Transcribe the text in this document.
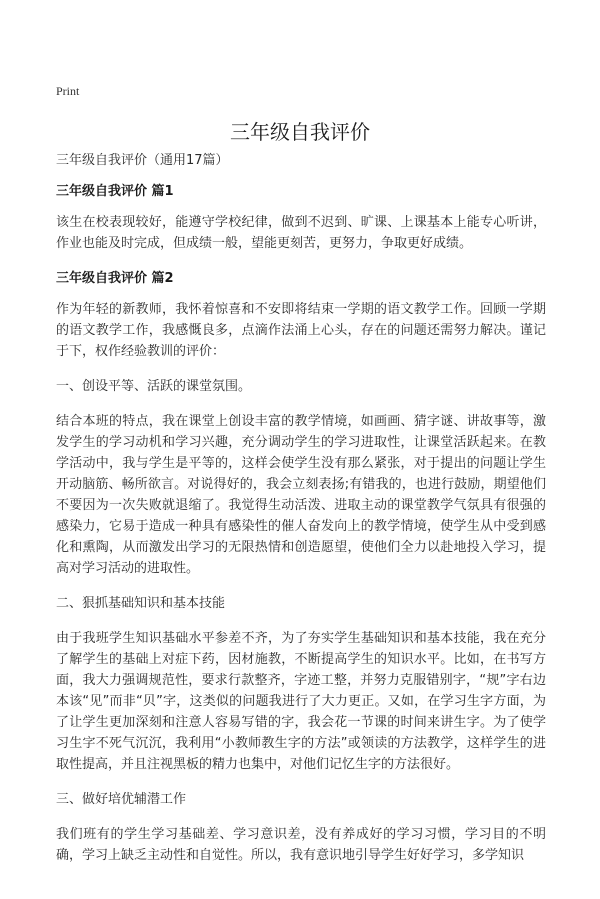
Print
三年级自我评价

三年级自我评价（通用17篇）

三年级自我评价 篇1

该生在校表现较好，能遵守学校纪律，做到不迟到、旷课、上课基本上能专心听讲，作业也能及时完成，但成绩一般，望能更刻苦，更努力，争取更好成绩。

三年级自我评价 篇2

作为年轻的新教师，我怀着惊喜和不安即将结束一学期的语文教学工作。回顾一学期的语文教学工作，我感慨良多，点滴作法涌上心头，存在的问题还需努力解决。谨记于下，权作经验教训的评价：

一、创设平等、活跃的课堂氛围。

结合本班的特点，我在课堂上创设丰富的教学情境，如画画、猜字谜、讲故事等，激发学生的学习动机和学习兴趣，充分调动学生的学习进取性，让课堂活跃起来。在教学活动中，我与学生是平等的，这样会使学生没有那么紧张，对于提出的问题让学生开动脑筋、畅所欲言。对说得好的，我会立刻表扬;有错我的，也进行鼓励，期望他们不要因为一次失败就退缩了。我觉得生动活泼、进取主动的课堂教学气氛具有很强的感染力，它易于造成一种具有感染性的催人奋发向上的教学情境，使学生从中受到感化和熏陶，从而激发出学习的无限热情和创造愿望，使他们全力以赴地投入学习，提高对学习活动的进取性。

二、狠抓基础知识和基本技能

由于我班学生知识基础水平参差不齐，为了夯实学生基础知识和基本技能，我在充分了解学生的基础上对症下药，因材施教，不断提高学生的知识水平。比如，在书写方面，我大力强调规范性，要求行款整齐，字迹工整，并努力克服错别字，“规”字右边本该“见”而非“贝”字，这类似的问题我进行了大力更正。又如，在学习生字方面，为了让学生更加深刻和注意人容易写错的字，我会花一节课的时间来讲生字。为了使学习生字不死气沉沉，我利用“小教师教生字的方法”或领读的方法教学，这样学生的进取性提高，并且注视黑板的精力也集中，对他们记忆生字的方法很好。

三、做好培优辅潜工作

我们班有的学生学习基础差、学习意识差，没有养成好的学习习惯，学习目的不明确，学习上缺乏主动性和自觉性。所以，我有意识地引导学生好好学习，多学知识
